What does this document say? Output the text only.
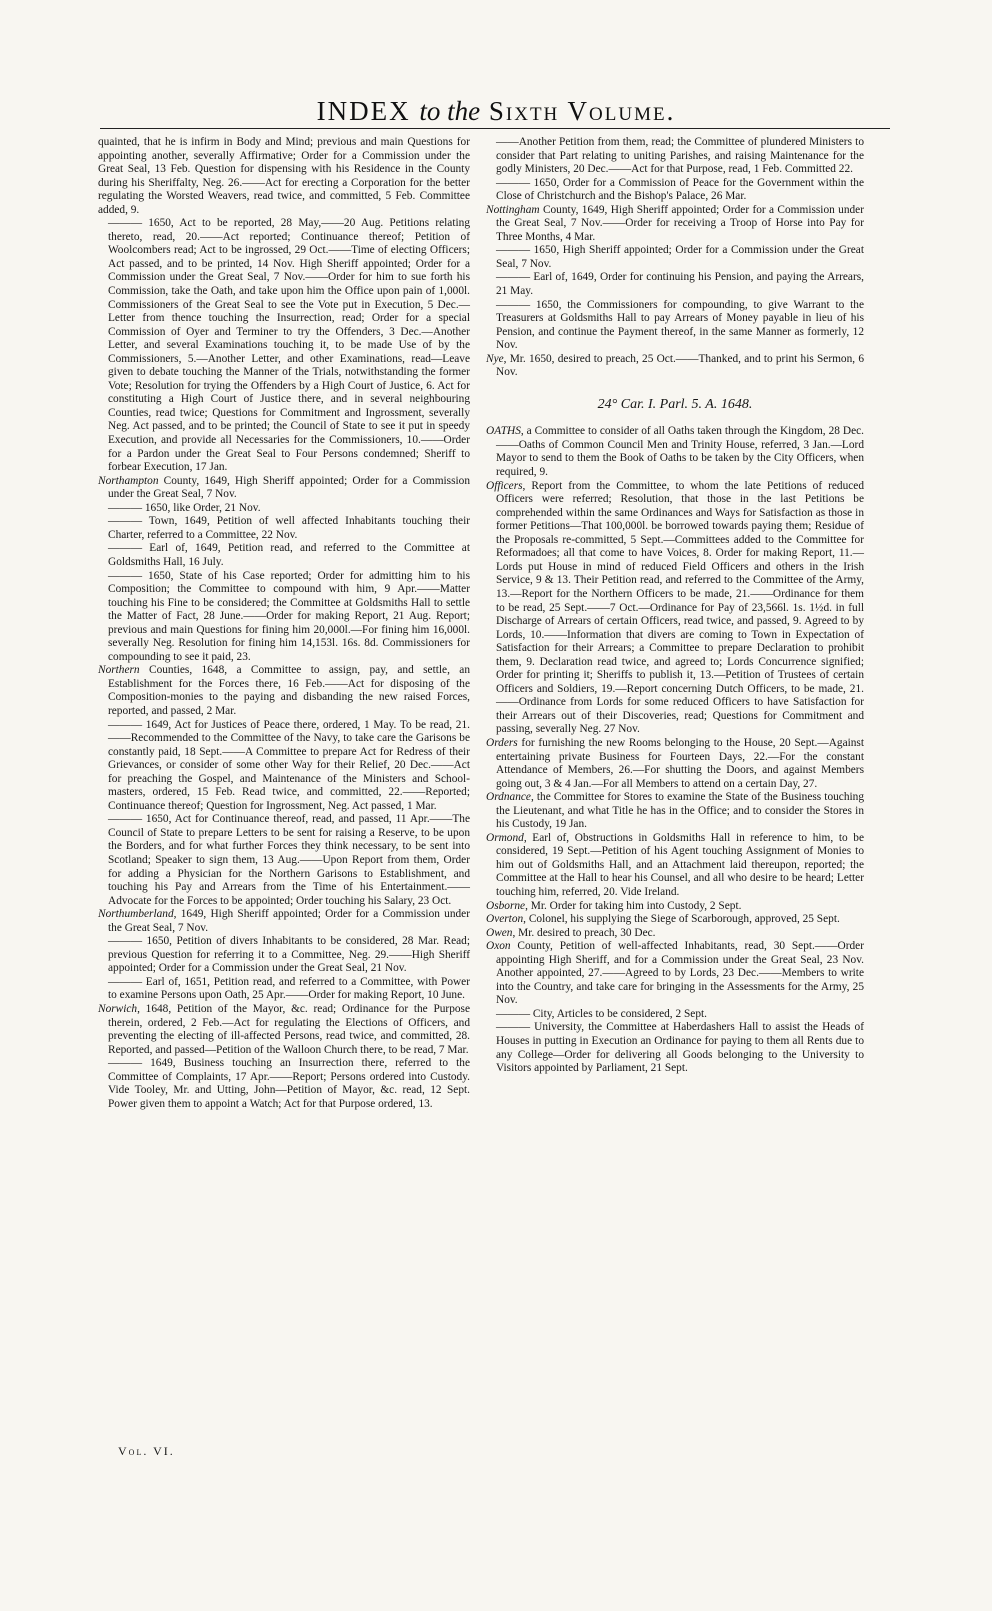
INDEX to the Sixth Volume.

quainted, that he is infirm in Body and Mind; previous and main Questions for appointing another, severally Affirmative; Order for a Commission under the Great Seal, 13 Feb. Question for dispensing with his Residence in the County during his Sheriffalty, Neg. 26.——Act for erecting a Corporation for the better regulating the Worsted Weavers, read twice, and committed, 5 Feb. Committee added, 9.

——— 1650, Act to be reported, 28 May,——20 Aug. Petitions relating thereto, read, 20.——Act reported; Continuance thereof; Petition of Woolcombers read; Act to be ingrossed, 29 Oct.——Time of electing Officers; Act passed, and to be printed, 14 Nov. High Sheriff appointed; Order for a Commission under the Great Seal, 7 Nov.——Order for him to sue forth his Commission, take the Oath, and take upon him the Office upon pain of 1,000l. Commissioners of the Great Seal to see the Vote put in Execution, 5 Dec.—Letter from thence touching the Insurrection, read; Order for a special Commission of Oyer and Terminer to try the Offenders, 3 Dec.—Another Letter, and several Examinations touching it, to be made Use of by the Commissioners, 5.—Another Letter, and other Examinations, read—Leave given to debate touching the Manner of the Trials, notwithstanding the former Vote; Resolution for trying the Offenders by a High Court of Justice, 6. Act for constituting a High Court of Justice there, and in several neighbouring Counties, read twice; Questions for Commitment and Ingrossment, severally Neg. Act passed, and to be printed; the Council of State to see it put in speedy Execution, and provide all Necessaries for the Commissioners, 10.——Order for a Pardon under the Great Seal to Four Persons condemned; Sheriff to forbear Execution, 17 Jan.

Northampton County, 1649, High Sheriff appointed; Order for a Commission under the Great Seal, 7 Nov.

——— 1650, like Order, 21 Nov.

——— Town, 1649, Petition of well affected Inhabitants touching their Charter, referred to a Committee, 22 Nov.

——— Earl of, 1649, Petition read, and referred to the Committee at Goldsmiths Hall, 16 July.

——— 1650, State of his Case reported; Order for admitting him to his Composition; the Committee to compound with him, 9 Apr.——Matter touching his Fine to be considered; the Committee at Goldsmiths Hall to settle the Matter of Fact, 28 June.——Order for making Report, 21 Aug. Report; previous and main Questions for fining him 20,000l.—For fining him 16,000l. severally Neg. Resolution for fining him 14,153l. 16s. 8d. Commissioners for compounding to see it paid, 23.

Northern Counties, 1648, a Committee to assign, pay, and settle, an Establishment for the Forces there, 16 Feb.——Act for disposing of the Composition-monies to the paying and disbanding the new raised Forces, reported, and passed, 2 Mar.

——— 1649, Act for Justices of Peace there, ordered, 1 May. To be read, 21.——Recommended to the Committee of the Navy, to take care the Garisons be constantly paid, 18 Sept.——A Committee to prepare Act for Redress of their Grievances, or consider of some other Way for their Relief, 20 Dec.——Act for preaching the Gospel, and Maintenance of the Ministers and School-masters, ordered, 15 Feb. Read twice, and committed, 22.——Reported; Continuance thereof; Question for Ingrossment, Neg. Act passed, 1 Mar.

——— 1650, Act for Continuance thereof, read, and passed, 11 Apr.——The Council of State to prepare Letters to be sent for raising a Reserve, to be upon the Borders, and for what further Forces they think necessary, to be sent into Scotland; Speaker to sign them, 13 Aug.——Upon Report from them, Order for adding a Physician for the Northern Garisons to Establishment, and touching his Pay and Arrears from the Time of his Entertainment.——Advocate for the Forces to be appointed; Order touching his Salary, 23 Oct.

Northumberland, 1649, High Sheriff appointed; Order for a Commission under the Great Seal, 7 Nov.

——— 1650, Petition of divers Inhabitants to be considered, 28 Mar. Read; previous Question for referring it to a Committee, Neg. 29.——High Sheriff appointed; Order for a Commission under the Great Seal, 21 Nov.

——— Earl of, 1651, Petition read, and referred to a Committee, with Power to examine Persons upon Oath, 25 Apr.——Order for making Report, 10 June.

Norwich, 1648, Petition of the Mayor, &c. read; Ordinance for the Purpose therein, ordered, 2 Feb.—Act for regulating the Elections of Officers, and preventing the electing of ill-affected Persons, read twice, and committed, 28. Reported, and passed—Petition of the Walloon Church there, to be read, 7 Mar.

——— 1649, Business touching an Insurrection there, referred to the Committee of Complaints, 17 Apr.——Report; Persons ordered into Custody. Vide Tooley, Mr. and Utting, John—Petition of Mayor, &c. read, 12 Sept. Power given them to appoint a Watch; Act for that Purpose ordered, 13.

——Another Petition from them, read; the Committee of plundered Ministers to consider that Part relating to uniting Parishes, and raising Maintenance for the godly Ministers, 20 Dec.——Act for that Purpose, read, 1 Feb. Committed 22.

——— 1650, Order for a Commission of Peace for the Government within the Close of Christchurch and the Bishop's Palace, 26 Mar.

Nottingham County, 1649, High Sheriff appointed; Order for a Commission under the Great Seal, 7 Nov.——Order for receiving a Troop of Horse into Pay for Three Months, 4 Mar.

——— 1650, High Sheriff appointed; Order for a Commission under the Great Seal, 7 Nov.

——— Earl of, 1649, Order for continuing his Pension, and paying the Arrears, 21 May.

——— 1650, the Commissioners for compounding, to give Warrant to the Treasurers at Goldsmiths Hall to pay Arrears of Money payable in lieu of his Pension, and continue the Payment thereof, in the same Manner as formerly, 12 Nov.

Nye, Mr. 1650, desired to preach, 25 Oct.——Thanked, and to print his Sermon, 6 Nov.

24° Car. I. Parl. 5. A. 1648.

OATHS, a Committee to consider of all Oaths taken through the Kingdom, 28 Dec.——Oaths of Common Council Men and Trinity House, referred, 3 Jan.—Lord Mayor to send to them the Book of Oaths to be taken by the City Officers, when required, 9.

Officers, Report from the Committee, to whom the late Petitions of reduced Officers were referred; Resolution, that those in the last Petitions be comprehended within the same Ordinances and Ways for Satisfaction as those in former Petitions—That 100,000l. be borrowed towards paying them; Residue of the Proposals re-committed, 5 Sept.—Committees added to the Committee for Reformadoes; all that come to have Voices, 8. Order for making Report, 11.—Lords put House in mind of reduced Field Officers and others in the Irish Service, 9 & 13. Their Petition read, and referred to the Committee of the Army, 13.—Report for the Northern Officers to be made, 21.——Ordinance for them to be read, 25 Sept.——7 Oct.—Ordinance for Pay of 23,566l. 1s. 1½d. in full Discharge of Arrears of certain Officers, read twice, and passed, 9. Agreed to by Lords, 10.——Information that divers are coming to Town in Expectation of Satisfaction for their Arrears; a Committee to prepare Declaration to prohibit them, 9. Declaration read twice, and agreed to; Lords Concurrence signified; Order for printing it; Sheriffs to publish it, 13.—Petition of Trustees of certain Officers and Soldiers, 19.—Report concerning Dutch Officers, to be made, 21.——Ordinance from Lords for some reduced Officers to have Satisfaction for their Arrears out of their Discoveries, read; Questions for Commitment and passing, severally Neg. 27 Nov.

Orders for furnishing the new Rooms belonging to the House, 20 Sept.—Against entertaining private Business for Fourteen Days, 22.—For the constant Attendance of Members, 26.—For shutting the Doors, and against Members going out, 3 & 4 Jan.—For all Members to attend on a certain Day, 27.

Ordnance, the Committee for Stores to examine the State of the Business touching the Lieutenant, and what Title he has in the Office; and to consider the Stores in his Custody, 19 Jan.

Ormond, Earl of, Obstructions in Goldsmiths Hall in reference to him, to be considered, 19 Sept.—Petition of his Agent touching Assignment of Monies to him out of Goldsmiths Hall, and an Attachment laid thereupon, reported; the Committee at the Hall to hear his Counsel, and all who desire to be heard; Letter touching him, referred, 20. Vide Ireland.

Osborne, Mr. Order for taking him into Custody, 2 Sept.

Overton, Colonel, his supplying the Siege of Scarborough, approved, 25 Sept.

Owen, Mr. desired to preach, 30 Dec.

Oxon County, Petition of well-affected Inhabitants, read, 30 Sept.——Order appointing High Sheriff, and for a Commission under the Great Seal, 23 Nov. Another appointed, 27.——Agreed to by Lords, 23 Dec.——Members to write into the Country, and take care for bringing in the Assessments for the Army, 25 Nov.

——— City, Articles to be considered, 2 Sept.

——— University, the Committee at Haberdashers Hall to assist the Heads of Houses in putting in Execution an Ordinance for paying to them all Rents due to any College—Order for delivering all Goods belonging to the University to Visitors appointed by Parliament, 21 Sept.

Vol. VI.
